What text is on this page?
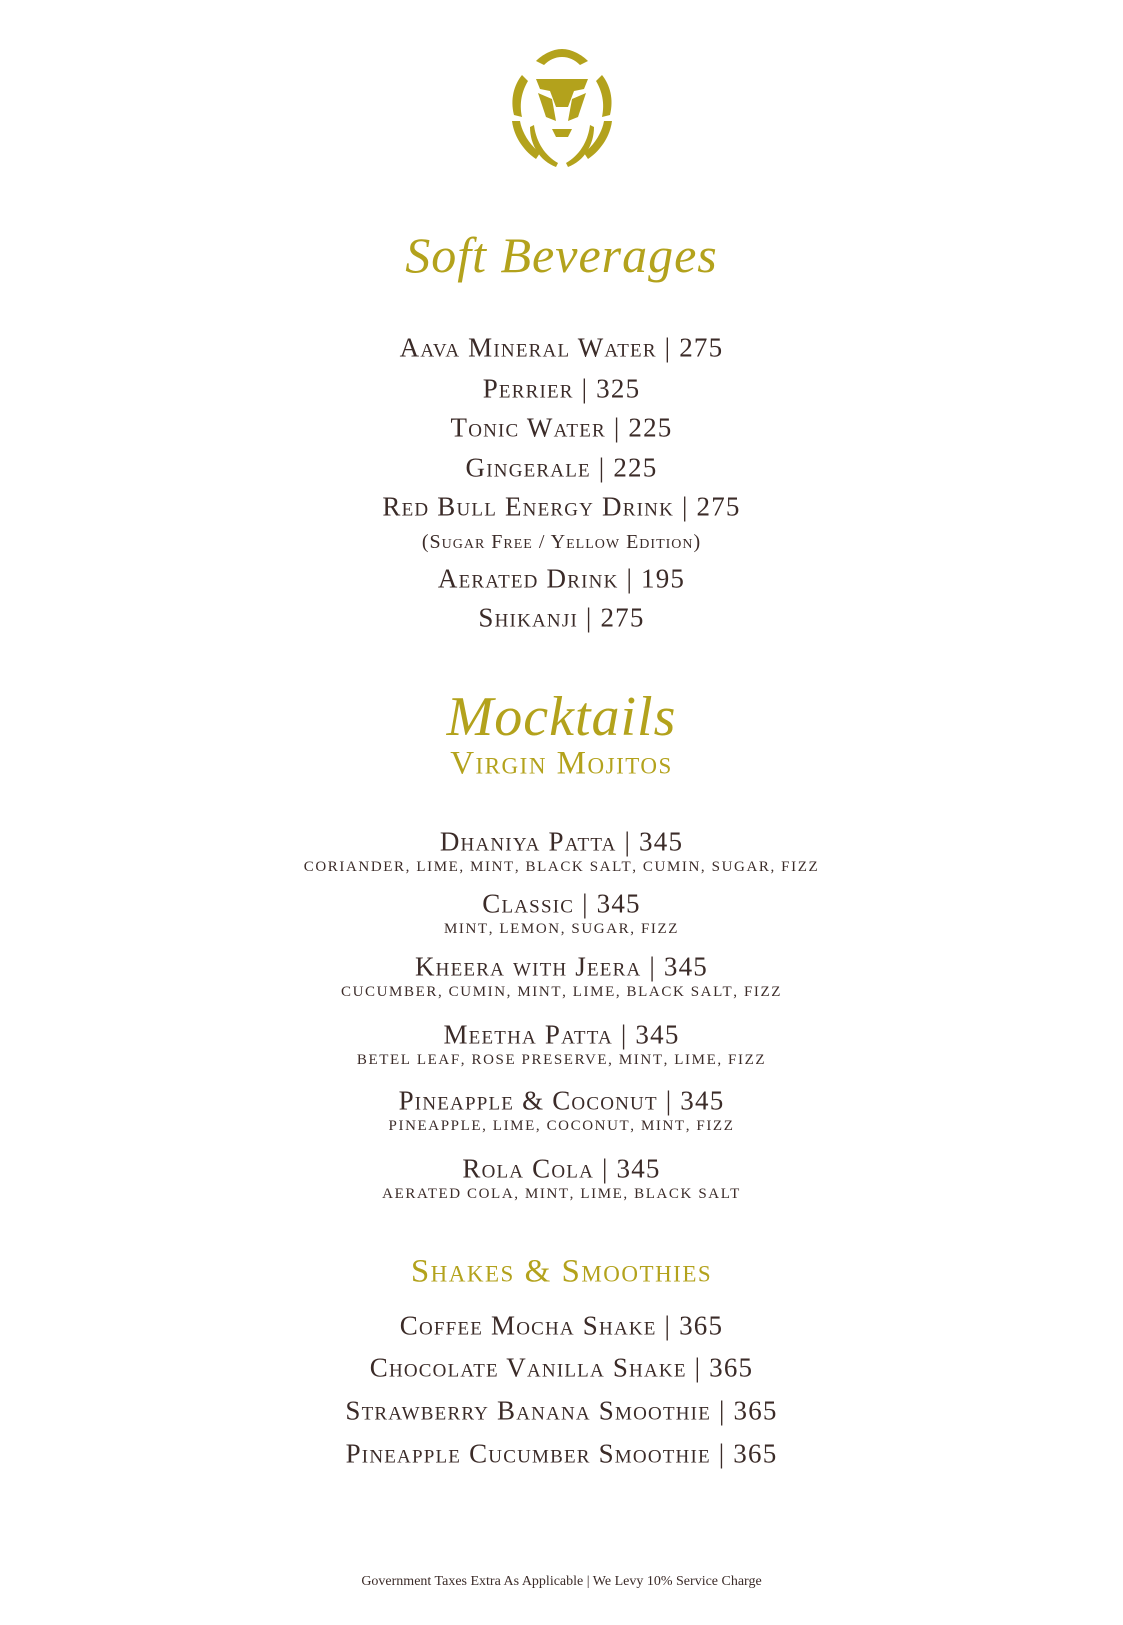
Soft Beverages
Aava Mineral Water | 275
Perrier | 325
Tonic Water | 225
Gingerale | 225
Red Bull Energy Drink | 275
(Sugar Free / Yellow Edition)
Aerated Drink | 195
Shikanji | 275
Mocktails
Virgin Mojitos
Dhaniya Patta | 345
Coriander, lime, mint, black salt, cumin, sugar, fizz
Classic | 345
mint, lemon, sugar, fizz
Kheera with Jeera | 345
Cucumber, cumin, mint, lime, black salt, fizz
Meetha Patta | 345
Betel leaf, rose preserve, mint, lime, fizz
Pineapple & Coconut | 345
Pineapple, lime, coconut, mint, fizz
Rola Cola | 345
Aerated cola, mint, lime, black salt
Shakes & Smoothies
Coffee Mocha Shake | 365
Chocolate Vanilla Shake | 365
Strawberry Banana Smoothie | 365
Pineapple Cucumber Smoothie | 365
Government Taxes Extra As Applicable | We Levy 10% Service Charge
